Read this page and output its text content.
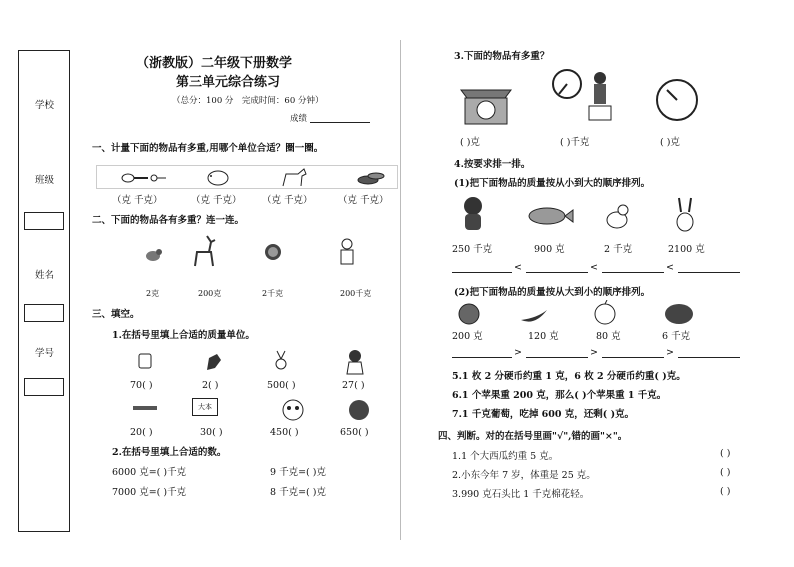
学校
班级
姓名
学号
（浙教版）二年级下册数学
第三单元综合练习
（总分：100 分　完成时间：60 分钟）
成绩
一、计量下面的物品有多重,用哪个单位合适？圈一圈。
（克 千克）	（克 千克） （克 千克）	（克 千克）
二、下面的物品各有多重？连一连。
2克	200克	2千克	200千克
三、填空。
1.在括号里填上合适的质量单位。
70( )	2( )	500( )	27( )
大本
20( )	30( )	450( )	650( )
2.在括号里填上合适的数。
6000 克=( )千克	9 千克=( )克
7000 克=( )千克	8 千克=( )克
3.下面的物品有多重？
( )克	( )千克	( )克
4.按要求排一排。
(1)把下面物品的质量按从小到大的顺序排列。
250 千克	900 克	2 千克	2100 克
<	<	<
(2)把下面物品的质量按从大到小的顺序排列。
200 克	120 克	80 克	6 千克
>	>	>
5.1 枚 2 分硬币约重 1 克，6 枚 2 分硬币约重( )克。
6.1 个苹果重 200 克，那么( )个苹果重 1 千克。
7.1 千克葡萄，吃掉 600 克，还剩( )克。
四、判断。对的在括号里画"√",错的画"×"。
1.1 个大西瓜约重 5 克。	( )
2.小东今年 7 岁，体重是 25 克。	( )
3.990 克石头比 1 千克棉花轻。	( )
